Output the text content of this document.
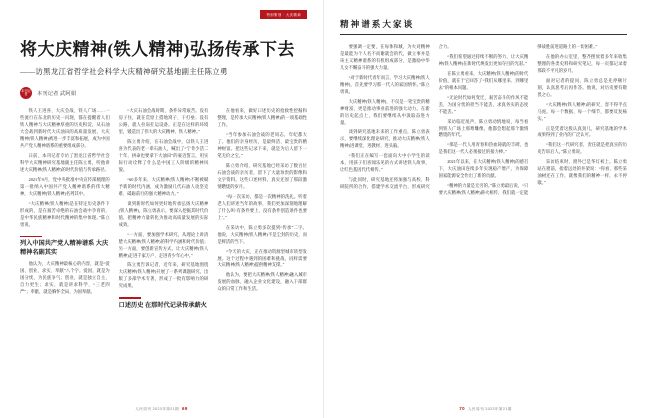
特别策划 · 大庆精神
将大庆精神(铁人精神)弘扬传承下去
——访黑龙江省哲学社会科学大庆精神研究基地副主任陈立勇
本刊记者	本刊记者 武阿娟

铁人王进喜、大庆会战、铁人广场……一些流行在东北的历史一闪现，都在提醒着人们铁人精神与大庆精神厚重的历史积淀。从石油大会战到新时代大庆油田的高质量发展，大庆精神(铁人精神)被进一步丰富和拓展，成为中国共产党人精神谱系的重要组成部分。

日前，本刊记者专访了黑龙江省哲学社会科学大庆精神研究基地副主任陈立勇，听他讲述大庆精神(铁人精神)的时代价值与传承路径。

2021年9月，党中央批准中央宣传部梳理的第一批纳入中国共产党人精神谱系的伟大精神，大庆精神(铁人精神)名列其中。

“大庆精神(铁人精神)是在特定历史条件下形成的，是在艰苦卓绝的石油会战中孕育的，是中华民族精神和时代精神的集中体现。”陈立勇说。

列入中国共产党人精神谱系 大庆精神名副其实

他认为，大庆精神最核心的内容，就是“爱国、创业、求实、奉献”八个字。爱国，就是为国分忧、为民族争气；创业，就是独立自主、自力更生；求实，就是讲求科学、“三老四严”；奉献，就是胸怀全局、为国奉献。

“大庆石油会战时期，条件异常艰苦。没有房子住，就在荒原上搭地窝子、干打垒；没有公路，就人拉肩扛运设备。正是在这样的环境里，锻造出了伟大的大庆精神、铁人精神。”

陈立勇介绍，在石油会战中，以铁人王进喜为代表的老一辈石油人，喊出了“宁肯少活二十年，拼命也要拿下大油田”的豪迈誓言，用实际行动诠释了什么是中国工人阶级的精神风貌。

“60多年来，大庆精神(铁人精神)不断被赋予新的时代内涵，成为激励几代石油人攻坚克难、砥砺前行的强大精神动力。”

谈到新时代如何更好地传承弘扬大庆精神(铁人精神)，陈立勇表示，要深入挖掘其时代价值，把精神力量转化为推动高质量发展的实际成效。

“一方面，要加强学术研究，从理论上讲清楚大庆精神(铁人精神)的科学内涵和时代价值；另一方面，要创新宣传方式，让大庆精神(铁人精神)走进千家万户、走进青少年心中。”

陈立勇告诉记者，近年来，研究基地围绕大庆精神(铁人精神)开展了一系列课题研究，出版了多部学术专著，形成了一批有影响力的研究成果。

口述历史 在那时代记录传承薪火

在他看来，做好口述历史的抢救性挖掘和整理，是传承大庆精神(铁人精神)的一项基础性工作。

“当年参加石油会战的老同志，年纪都大了。他们的亲身经历，是最鲜活、最宝贵的精神财富。把这些记录下来，就是为后人留下一笔无价之宝。”

陈立勇介绍，研究基地已经采访了数百位石油会战的亲历者，留下了大量珍贵的影像和文字资料。这些口述材料，真实还原了那段激情燃烧的岁月。

“每一次采访，都是一次精神的洗礼。听着老人们讲述当年的故事，我们更加深刻地理解了什么叫‘有条件要上，没有条件创造条件也要上’。”

在采访中，陈立勇多次提到“传承”二字。他说，大庆精神(铁人精神)不是尘封的历史，而是鲜活的当下。

“今天的大庆，正在推动资源型城市转型发展。这个过程中遇到的困难和挑战，同样需要大庆精神(铁人精神)提供精神支撑。”

他认为，要把大庆精神(铁人精神)融入城市发展的血脉，融入企业文化建设，融入干部群众的日常工作和生活。

人民周刊 2023年第21期 69
精神谱系大家谈

要强调一定要，在每体和城，为火对精神是最能为个人名不而谢就会的代，做立事并是该主义精神谱系的有机组成部分，是激励中华儿女不懈奋斗的强大力量。

“对于新时代青年而言，学习大庆精神(铁人精神)，首先要学习那一代人的家国情怀。”陈立勇说。

大庆精神(铁人精神)，不仅是一笔宝贵的精神财富，更是推动事业前进的强大动力。在新的历史起点上，我们要继续从中汲取奋进力量。

谈到研究基地未来的工作重点，陈立勇表示，要继续深化理论研究，推动大庆精神(铁人精神)进课堂、进教材、进头脑。

“我们正在编写一套面向大中小学生的读本，用孩子们喜闻乐见的方式讲述铁人故事，让红色基因代代相传。”

与此同时，研究基地还将加强与高校、科研院所的合作，搭建学术交流平台，形成研究合力。

“我们希望通过持续不断的努力，让大庆精神(铁人精神)在新时代焕发出更加夺目的光彩。”

在陈立勇看来，大庆精神(铁人精神)的时代价值，就在于它回答了“我们从哪里来、到哪里去”的根本问题。

“无论时代如何变迁，艰苦奋斗的作风不能丢，为国分忧的担当不能丢，求真务实的态度不能丢。”

采访临近尾声，陈立勇动情地说，每当看到铁人广场上那尊雕像，他都会想起那个激情燃烧的年代。

“那是一代人用青春和热血铸就的丰碑，也是我们这一代人必须接过的接力棒。”

2021年以来，在大庆精神(铁人精神)的感召下，大庆油田连续多年实现稳产增产，为保障国家能源安全作出了新的贡献。

“精神的力量是无穷的。”陈立勇最后说，“只要大庆精神(铁人精神)薪火相传，我们就一定能够战胜前进道路上的一切困难。”

在他的办公室里，整齐摆放着多年来收集整理的各类史料和研究笔记，每一页都记录着那段不平凡的岁月。

面对记者的提问，陈立勇总是先停顿片刻，认真思考后再作答。他说，对历史要有敬畏之心。

“大庆精神(铁人精神)的研究，容不得半点马虎。每一个数据、每一个细节，都要反复核实。”

正是凭着这股认真劲儿，研究基地的学术成果得到了业内的广泛认可。

“我们这一代研究者，责任就是把真实的历史告诉后人。”陈立勇说。

采访结束时，窗外已是华灯初上。陈立勇站在窗前，指着远处的井架说：“你看，那些采油树还在工作，就像我们的精神一样，永不停歇。”

70 人民周刊 2023年第21期
